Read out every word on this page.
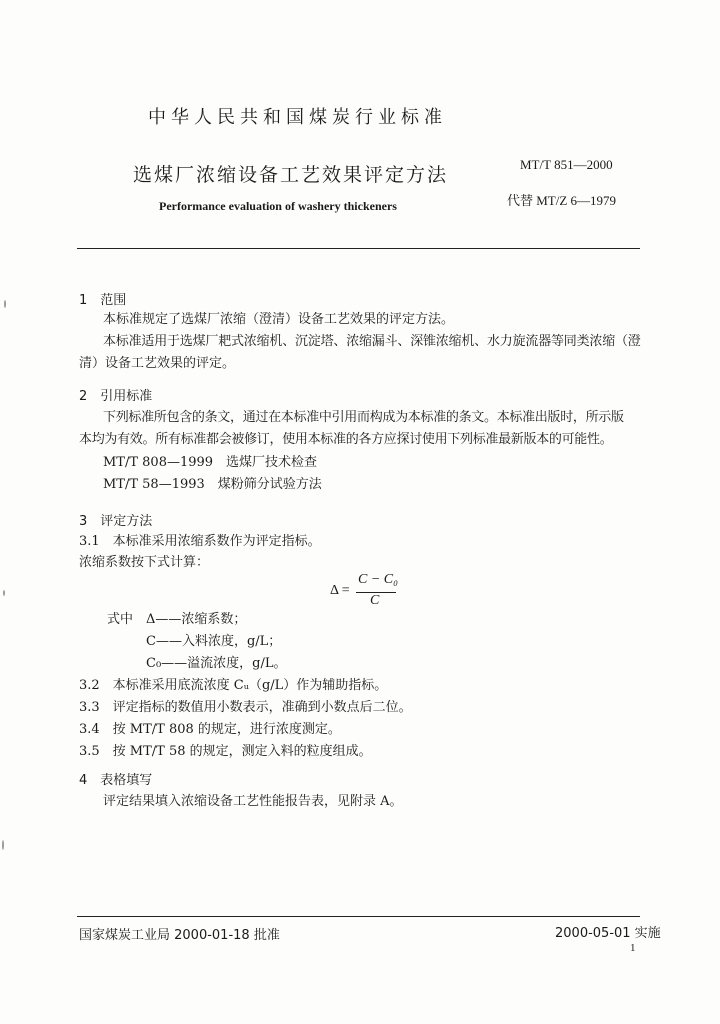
中华人民共和国煤炭行业标准
选煤厂浓缩设备工艺效果评定方法
Performance evaluation of washery thickeners
MT/T 851—2000
代替 MT/Z 6—1979
1　范围
本标准规定了选煤厂浓缩（澄清）设备工艺效果的评定方法。
本标准适用于选煤厂耙式浓缩机、沉淀塔、浓缩漏斗、深锥浓缩机、水力旋流器等同类浓缩（澄
清）设备工艺效果的评定。
2　引用标准
下列标准所包含的条文，通过在本标准中引用而构成为本标准的条文。本标准出版时，所示版
本均为有效。所有标准都会被修订，使用本标准的各方应探讨使用下列标准最新版本的可能性。
MT/T 808—1999　选煤厂技术检查
MT/T 58—1993　煤粉筛分试验方法
3　评定方法
3.1　本标准采用浓缩系数作为评定指标。
浓缩系数按下式计算：
Δ =
C − C₀
C
式中 Δ——浓缩系数；
C——入料浓度，g/L；
C₀——溢流浓度，g/L。
3.2　本标准采用底流浓度 Cᵤ（g/L）作为辅助指标。
3.3　评定指标的数值用小数表示，准确到小数点后二位。
3.4　按 MT/T 808 的规定，进行浓度测定。
3.5　按 MT/T 58 的规定，测定入料的粒度组成。
4　表格填写
评定结果填入浓缩设备工艺性能报告表，见附录 A。
国家煤炭工业局 2000-01-18 批准	2000-05-01 实施
1
